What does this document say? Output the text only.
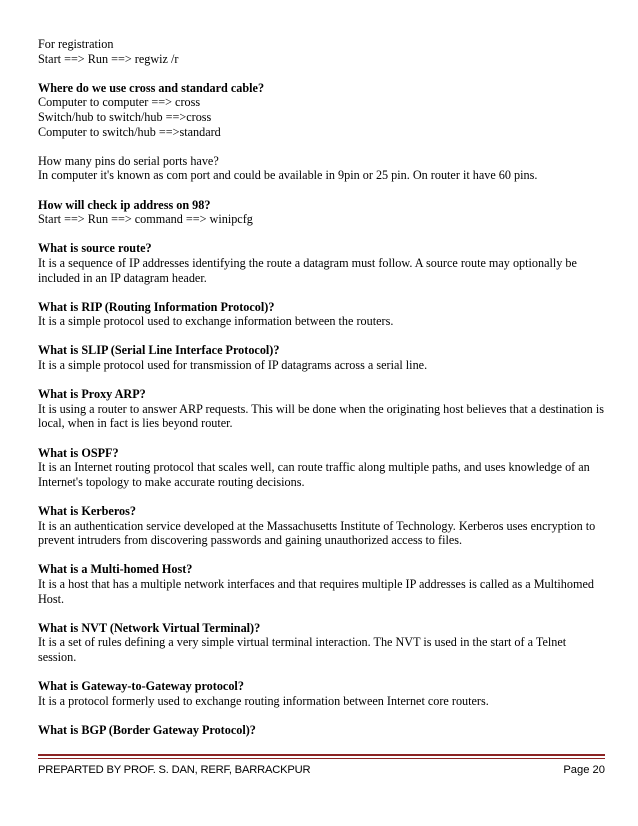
For registration
Start ==> Run ==> regwiz /r
Where do we use cross and standard cable?
Computer to computer ==> cross
Switch/hub to switch/hub ==>cross
Computer to switch/hub ==>standard
How many pins do serial ports have?
In computer it's known as com port and could be available in 9pin or 25 pin. On router it have 60 pins.
How will check ip address on 98?
Start ==> Run ==> command ==> winipcfg
What is source route?
It is a sequence of IP addresses identifying the route a datagram must follow. A source route may optionally be included in an IP datagram header.
What is RIP (Routing Information Protocol)?
It is a simple protocol used to exchange information between the routers.
What is SLIP (Serial Line Interface Protocol)?
It is a simple protocol used for transmission of IP datagrams across a serial line.
What is Proxy ARP?
It is using a router to answer ARP requests. This will be done when the originating host believes that a destination is local, when in fact is lies beyond router.
What is OSPF?
It is an Internet routing protocol that scales well, can route traffic along multiple paths, and uses knowledge of an Internet's topology to make accurate routing decisions.
What is Kerberos?
It is an authentication service developed at the Massachusetts Institute of Technology. Kerberos uses encryption to prevent intruders from discovering passwords and gaining unauthorized access to files.
What is a Multi-homed Host?
It is a host that has a multiple network interfaces and that requires multiple IP addresses is called as a Multihomed Host.
What is NVT (Network Virtual Terminal)?
It is a set of rules defining a very simple virtual terminal interaction. The NVT is used in the start of a Telnet session.
What is Gateway-to-Gateway protocol?
It is a protocol formerly used to exchange routing information between Internet core routers.
What is BGP (Border Gateway Protocol)?
PREPARTED BY PROF. S. DAN, RERF, BARRACKPUR	Page 20
